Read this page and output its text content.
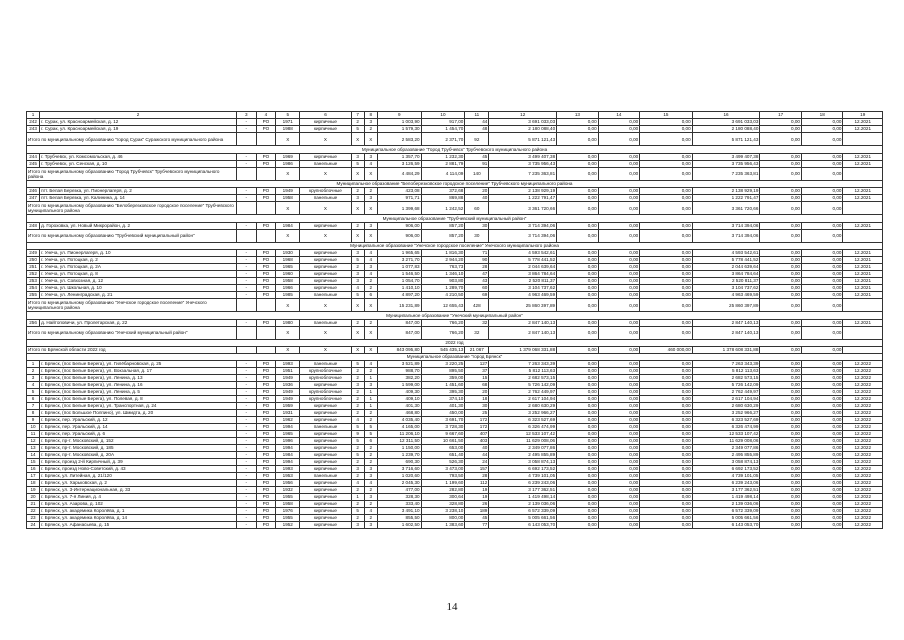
1	2	3	4	5	6	7	8	9	10	11	12	13	14	15	16	17	18	19
242	г. Сурак, ул. Красноармейская, д. 12	-	РО	1971	кирпичные	2	3	1 003,90	917,00	44	3 691 033,03	0,00	0,00	0,00	3 691 033,03	0,00	0,00	12.2021
243	г. Сурак, ул. Красноармейская, д. 19	-	РО	1988	кирпичные	5	2	1 579,30	1 454,70	48	2 180 088,40	0,00	0,00	0,00	2 180 088,40	0,00	0,00	12.2021
Итого по муниципальному образованию "город Сурак" Суражского муниципального района				X	X	X	X	2 583,20	2 371,70	92	5 871 121,43	0,00	0,00	0,00	5 871 121,43	0,00	0,00	
Муниципальное образование "Город Трубчевск" Трубчевского муниципального района																		
244	г. Трубчевск, ул. Комсомольская, д. 46	-	РО	1969	кирпичные	3	3	1 357,70	1 232,30	45	3 499 407,38	0,00	0,00	0,00	3 499 407,38	0,00	0,00	12.2021
245	г. Трубчевск, ул. Сенская, д. 10	-	РО	1986	панельные	5	4	3 126,59	2 881,79	91	3 735 956,43	0,00	0,00	0,00	3 735 956,43	0,00	0,00	12.2021
Итого по муниципальному образованию "Город Трубчевск" Трубчевского муниципального района				X	X	X	X	4 484,29	4 114,09	140	7 235 363,81	0,00	0,00	0,00	7 235 363,81	0,00	0,00	
Муниципальное образование "Белоберезковское городское поселение" Трубчевского муниципального района																		
246	пгт. Белая Березка, ул. Пионерлагеря, д. 2	-	РО	1949	крупноблочные	2	2	423,08	372,68	20	2 138 929,19	0,00	0,00	0,00	2 138 929,19	0,00	0,00	12.2021
247	пгт. Белая Березка, ул. Калинина, д. 14	-	РО	1958	панельные	3	3	971,71	869,88	40	1 222 791,47	0,00	0,00	0,00	1 222 791,47	0,00	0,00	12.2021
Итого по муниципальному образованию "Белоберезковское городское поселение" Трубчевского муниципального района				X	X	X	X	1 399,68	1 242,52	60	3 361 720,66	0,00	0,00	0,00	3 361 720,66	0,00	0,00	
Муниципальное образование "Трубчевский муниципальный район"																		
248	д. Гороховка, ул. Новый Микрорайон, д. 2	-	РО	1984	кирпичные	2	3	906,00	857,20	30	3 714 394,06	0,00	0,00	0,00	3 714 394,06	0,00	0,00	12.2021
Итого по муниципальному образованию "Трубчевский муниципальный район"				X	X	X	X	906,00	857,20	30	3 714 394,06	0,00	0,00	0,00	3 714 394,06	0,00	0,00	
Муниципальное образование "Унечское городское поселение" Унечского муниципального района																		
249	г. Унеча, ул. Пионерлагеря, д. 10	-	РО	1930	кирпичные	3	4	1 965,65	1 816,30	71	4 593 542,61	0,00	0,00	0,00	4 593 542,61	0,00	0,00	12.2021
250	г. Унеча, ул. Потоцкая, д. 2	-	РО	1968	кирпичные	5	4	3 271,70	2 944,20	90	5 778 441,52	0,00	0,00	0,00	5 778 441,52	0,00	0,00	12.2021
251	г. Унеча, ул. Потоцкая, д. 2А	-	РО	1965	кирпичные	2	3	1 077,83	763,73	28	2 044 639,64	0,00	0,00	0,00	2 044 639,64	0,00	0,00	12.2021
252	г. Унеча, ул. Потоцкая, д. 8	-	РО	1960	кирпичные	3	4	1 546,50	1 346,10	47	3 864 784,64	0,00	0,00	0,00	3 864 784,64	0,00	0,00	12.2021
253	г. Унеча, ул. Совхозная, д. 12	-	РО	1958	кирпичные	3	2	1 054,70	903,80	43	2 520 811,37	0,00	0,00	0,00	2 520 811,37	0,00	0,00	12.2021
254	г. Унеча, ул. Школьная, д. 10	-	РО	1966	кирпичные	4	2	1 410,10	1 289,70	60	3 104 737,62	0,00	0,00	0,00	3 104 737,62	0,00	0,00	12.2021
255	г. Унеча, ул. Ленинградская, д. 21	-	РО	1985	панельные	5	6	4 897,20	4 210,50	69	4 963 469,59	0,00	0,00	0,00	4 963 469,59	0,00	0,00	12.2021
Итого по муниципальному образованию "Унечское городское поселение" Унечского муниципального района				X	X	X	X	15 231,89	12 655,43	428	25 860 397,89	0,00	0,00	0,00	25 860 397,89	0,00	0,00	
Муниципальное образование "Унечский муниципальный район"																		
256	д. Найтоповичи, ул. Пролетарская, д. 22	-	РО	1980	панельные	2	2	847,00	766,20	32	2 847 140,13	0,00	0,00	0,00	2 847 140,13	0,00	0,00	12.2021
Итого по муниципальному образованию "Унечский муниципальный район"				X	X	X	X	847,00	766,20	32	2 847 140,13	0,00	0,00	0,00	2 847 140,13	0,00	0,00	
2022 год																		
Итого по Брянской области 2022 год				X	X	X	X	843 095,80	545 435,13	21 067	1 379 068 331,88	0,00	0,00	460 000,00	1 378 608 331,88	0,00	0,00	
Муниципальное образование "город Брянск"																		
1	г. Брянск, (пос Белые Берега), ул. Гилёбарновская, д. 25	-	РО	1993	панельные	5	4	3 521,89	3 220,25	127	7 263 343,39	0,00	0,00	0,00	7 263 343,39	0,00	0,00	12.2022
2	г. Брянск, (пос Белые Берега), ул. Вокзальная, д. 17	-	РО	1951	крупноблочные	2	2	988,70	895,50	37	5 812 113,63	0,00	0,00	0,00	5 812 113,63	0,00	0,00	12.2022
3	г. Брянск, (пос Белые Берега), ул. Ленина, д. 13	-	РО	1949	крупноблочные	2	1	382,20	359,00	15	2 682 573,15	0,00	0,00	0,00	2 682 573,15	0,00	0,00	12.2022
4	г. Брянск, (пос Белые Берега), ул. Ленина, д. 16	-	РО	1936	кирпичные	3	3	1 599,00	1 451,60	68	5 726 142,09	0,00	0,00	0,00	5 726 142,09	0,00	0,00	12.2022
5	г. Брянск, (пос Белые Берега), ул. Ленина, д. 5	-	РО	1949	крупноблочные	2	1	409,30	395,30	20	2 762 449,97	0,00	0,00	0,00	2 762 449,97	0,00	0,00	12.2022
6	г. Брянск, (пос Белые Берега), ул. Полевая, д. 8	-	РО	1949	крупноблочные	2	1	409,10	374,10	18	2 617 104,94	0,00	0,00	0,00	2 617 104,94	0,00	0,00	12.2022
7	г. Брянск, (пос Белые Берега), ул. Транспортная, д. 24	-	РО	1959	кирпичные	2	1	401,30	401,30	30	2 680 630,29	0,00	0,00	0,00	2 680 630,29	0,00	0,00	12.2022
8	г. Брянск, (пос Большое Полпино), ул. Шмидта, д. 20	-	РО	1931	кирпичные	2	2	468,80	450,00	25	3 252 966,27	0,00	0,00	0,00	3 252 966,27	0,00	0,00	12.2022
9	г. Брянск, пер. Уральский, д. 12	-	РО	1962	кирпичные	4	2	4 035,40	3 691,70	172	6 323 527,69	0,00	0,00	0,00	6 323 527,69	0,00	0,00	12.2022
10	г. Брянск, пер. Уральский, д. 14	-	РО	1994	панельные	5	5	4 165,00	3 728,30	172	6 326 474,99	0,00	0,00	0,00	6 326 474,99	0,00	0,00	12.2022
11	г. Брянск, пер. Уральский, д. 6	-	РО	1965	кирпичные	9	5	11 206,10	9 667,60	407	12 533 107,42	0,00	0,00	0,00	12 533 107,42	0,00	0,00	12.2022
12	г. Брянск, пр-т. Московский, д. 152	-	РО	1996	кирпичные	5	6	12 311,50	10 661,50	403	11 629 008,06	0,00	0,00	0,00	11 629 008,06	0,00	0,00	12.2022
13	г. Брянск, пр-т. Московский, д. 185	-	РО	1994	кирпичные	2	2	1 150,00	653,00	40	2 349 077,86	0,00	0,00	0,00	2 349 077,86	0,00	0,00	12.2022
14	г. Брянск, пр-т. Московский, д. 20А	-	РО	1984	кирпичные	5	2	1 239,70	651,40	44	2 495 855,89	0,00	0,00	0,00	2 495 855,89	0,00	0,00	12.2022
15	г. Брянск, проезд 2-й Кирпичный, д. 39	-	РО	1994	кирпичные	2	2	690,30	526,30	24	3 058 874,13	0,00	0,00	0,00	3 058 874,13	0,00	0,00	12.2022
16	г. Брянск, проезд Ново-Советский, д. 43	-	РО	1993	кирпичные	3	3	3 716,60	3 473,00	157	6 692 173,52	0,00	0,00	0,00	6 692 173,52	0,00	0,00	12.2022
17	г. Брянск, ул. Литейная, д. 21/120	-	РО	1953	панельные	2	3	1 020,60	793,50	28	4 739 101,05	0,00	0,00	0,00	4 739 101,05	0,00	0,00	12.2022
18	г. Брянск, ул. Харьковская, д. 2	-	РО	1956	кирпичные	4	4	2 045,30	1 199,60	112	6 239 243,06	0,00	0,00	0,00	6 239 243,06	0,00	0,00	12.2022
19	г. Брянск, ул. 3-Интернациональная, д. 33	-	РО	1932	кирпичные	2	2	477,00	282,80	19	3 177 362,51	0,00	0,00	0,00	3 177 362,51	0,00	0,00	12.2022
20	г. Брянск, ул. 7-я Линия, д. 4	-	РО	1955	кирпичные	1	3	328,30	300,64	19	1 419 498,14	0,00	0,00	0,00	1 419 498,14	0,00	0,00	12.2022
21	г. Брянск, ул. Азарова, д. 102	-	РО	1958	кирпичные	2	2	333,40	328,80	26	2 139 036,06	0,00	0,00	0,00	2 139 036,06	0,00	0,00	12.2022
22	г. Брянск, ул. академика Королёва, д. 1	-	РО	1976	кирпичные	5	4	3 491,10	3 238,10	189	6 572 339,09	0,00	0,00	0,00	6 572 339,09	0,00	0,00	12.2022
23	г. Брянск, ул. академика Королёва, д. 14	-	РО	1955	кирпичные	2	2	855,50	800,00	45	5 005 661,56	0,00	0,00	0,00	5 005 661,56	0,00	0,00	12.2022
24	г. Брянск, ул. Афанасьева, д. 15	-	РО	1952	кирпичные	3	3	1 602,50	1 383,60	77	6 143 053,70	0,00	0,00	0,00	6 143 053,70	0,00	0,00	12.2022
14
